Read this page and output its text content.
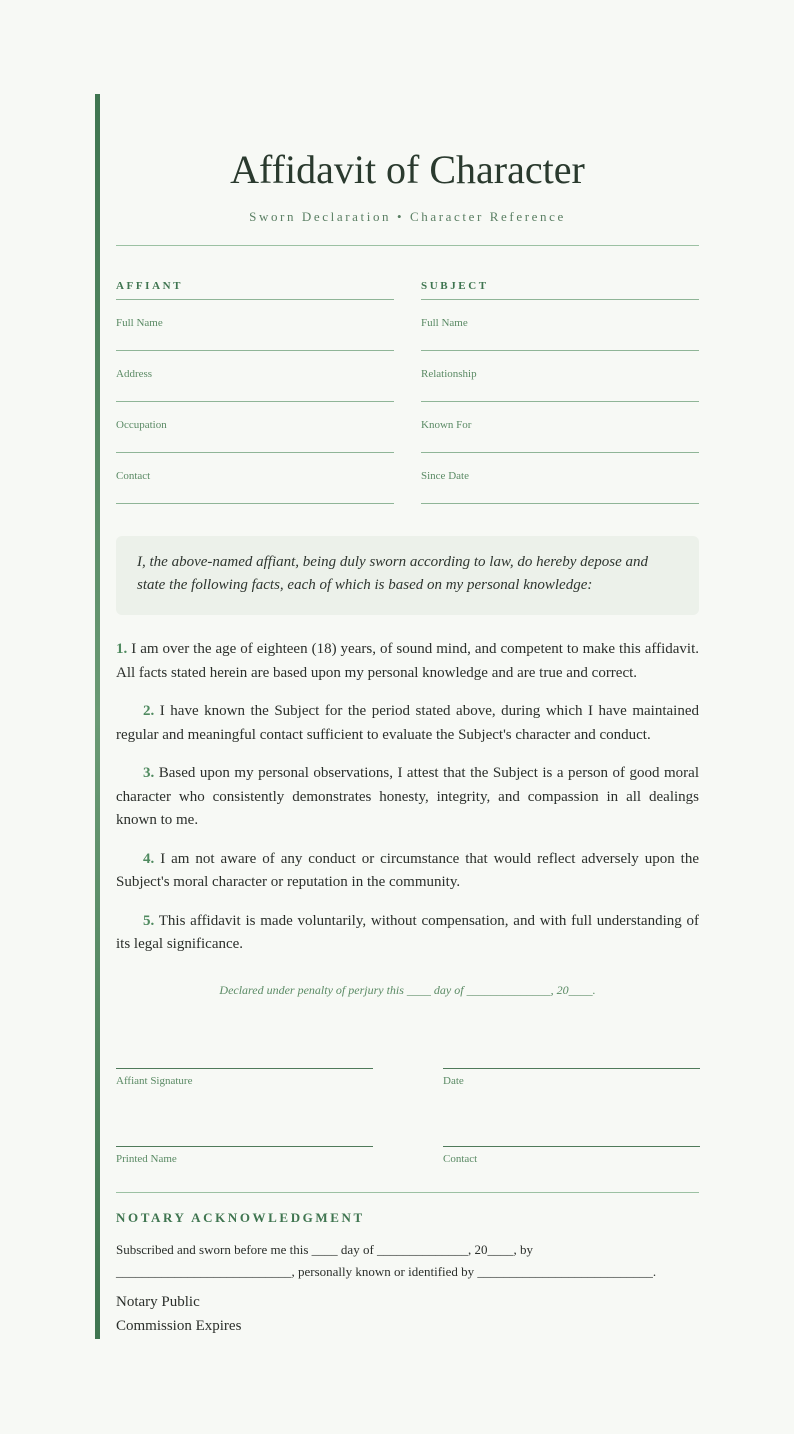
Affidavit of Character
Sworn Declaration • Character Reference
AFFIANT
Full Name
Address
Occupation
Contact
SUBJECT
Full Name
Relationship
Known For
Since Date
I, the above-named affiant, being duly sworn according to law, do hereby depose and state the following facts, each of which is based on my personal knowledge:

1. I am over the age of eighteen (18) years, of sound mind, and competent to make this affidavit. All facts stated herein are based upon my personal knowledge and are true and correct.

2. I have known the Subject for the period stated above, during which I have maintained regular and meaningful contact sufficient to evaluate the Subject's character and conduct.

3. Based upon my personal observations, I attest that the Subject is a person of good moral character who consistently demonstrates honesty, integrity, and compassion in all dealings known to me.

4. I am not aware of any conduct or circumstance that would reflect adversely upon the Subject's moral character or reputation in the community.

5. This affidavit is made voluntarily, without compensation, and with full understanding of its legal significance.

Declared under penalty of perjury this ____ day of ______________, 20____.
Affiant Signature	Date
Printed Name	Contact
NOTARY ACKNOWLEDGMENT
Subscribed and sworn before me this ____ day of ______________, 20____, by
___________________________, personally known or identified by ___________________________.
Notary Public
Commission Expires
